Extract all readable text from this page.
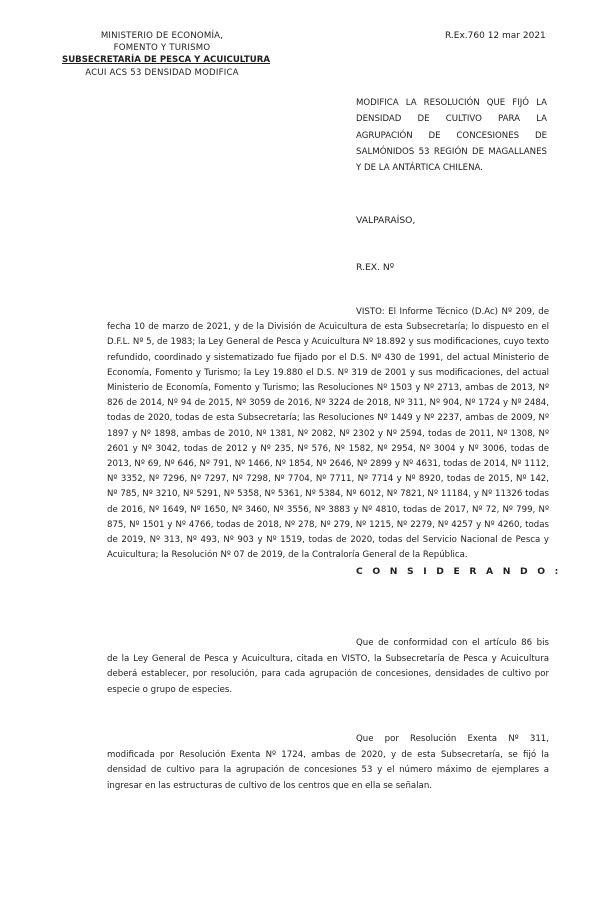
MINISTERIO DE ECONOMÍA,
FOMENTO Y TURISMO
SUBSECRETARÍA DE PESCA Y ACUICULTURA
ACUI ACS 53 DENSIDAD MODIFICA
R.Ex.760 12 mar 2021
MODIFICA LA RESOLUCIÓN QUE FIJÓ LA DENSIDAD DE CULTIVO PARA LA AGRUPACIÓN DE CONCESIONES DE SALMÓNIDOS 53 REGIÓN DE MAGALLANES Y DE LA ANTÁRTICA CHILENA.
VALPARAÍSO,
R.EX. Nº
VISTO: El Informe Técnico (D.Ac) Nº 209, de fecha 10 de marzo de 2021, y de la División de Acuicultura de esta Subsecretaría; lo dispuesto en el D.F.L. Nº 5, de 1983; la Ley General de Pesca y Acuicultura Nº 18.892 y sus modificaciones, cuyo texto refundido, coordinado y sistematizado fue fijado por el D.S. Nº 430 de 1991, del actual Ministerio de Economía, Fomento y Turismo; la Ley 19.880 el D.S. Nº 319 de 2001 y sus modificaciones, del actual Ministerio de Economía, Fomento y Turismo; las Resoluciones Nº 1503 y Nº 2713, ambas de 2013, Nº 826 de 2014, Nº 94 de 2015, Nº 3059 de 2016, Nº 3224 de 2018, Nº 311, Nº 904, Nº 1724 y Nº 2484, todas de 2020, todas de esta Subsecretaría; las Resoluciones Nº 1449 y Nº 2237, ambas de 2009, Nº 1897 y Nº 1898, ambas de 2010, Nº 1381, Nº 2082, Nº 2302 y Nº 2594, todas de 2011, Nº 1308, Nº 2601 y Nº 3042, todas de 2012 y Nº 235, Nº 576, Nº 1582, Nº 2954, Nº 3004 y Nº 3006, todas de 2013, Nº 69, Nº 646, Nº 791, Nº 1466, Nº 1854, Nº 2646, Nº 2899 y Nº 4631, todas de 2014, Nº 1112, Nº 3352, Nº 7296, Nº 7297, Nº 7298, Nº 7704, Nº 7711, Nº 7714 y Nº 8920, todas de 2015, Nº 142, Nº 785, Nº 3210, Nº 5291, Nº 5358, Nº 5361, Nº 5384, Nº 6012, Nº 7821, Nº 11184, y Nº 11326 todas de 2016, Nº 1649, Nº 1650, Nº 3460, Nº 3556, Nº 3883 y Nº 4810, todas de 2017, Nº 72, Nº 799, Nº 875, Nº 1501 y Nº 4766, todas de 2018, Nº 278, Nº 279, Nº 1215, Nº 2279, Nº 4257 y Nº 4260, todas de 2019, Nº 313, Nº 493, Nº 903 y Nº 1519, todas de 2020, todas del Servicio Nacional de Pesca y Acuicultura; la Resolución Nº 07 de 2019, de la Contraloría General de la República.
C O N S I D E R A N D O :
Que de conformidad con el artículo 86 bis de la Ley General de Pesca y Acuicultura, citada en VISTO, la Subsecretaría de Pesca y Acuicultura deberá establecer, por resolución, para cada agrupación de concesiones, densidades de cultivo por especie o grupo de especies.
Que por Resolución Exenta Nº 311, modificada por Resolución Exenta Nº 1724, ambas de 2020, y de esta Subsecretaría, se fijó la densidad de cultivo para la agrupación de concesiones 53 y el número máximo de ejemplares a ingresar en las estructuras de cultivo de los centros que en ella se señalan.
